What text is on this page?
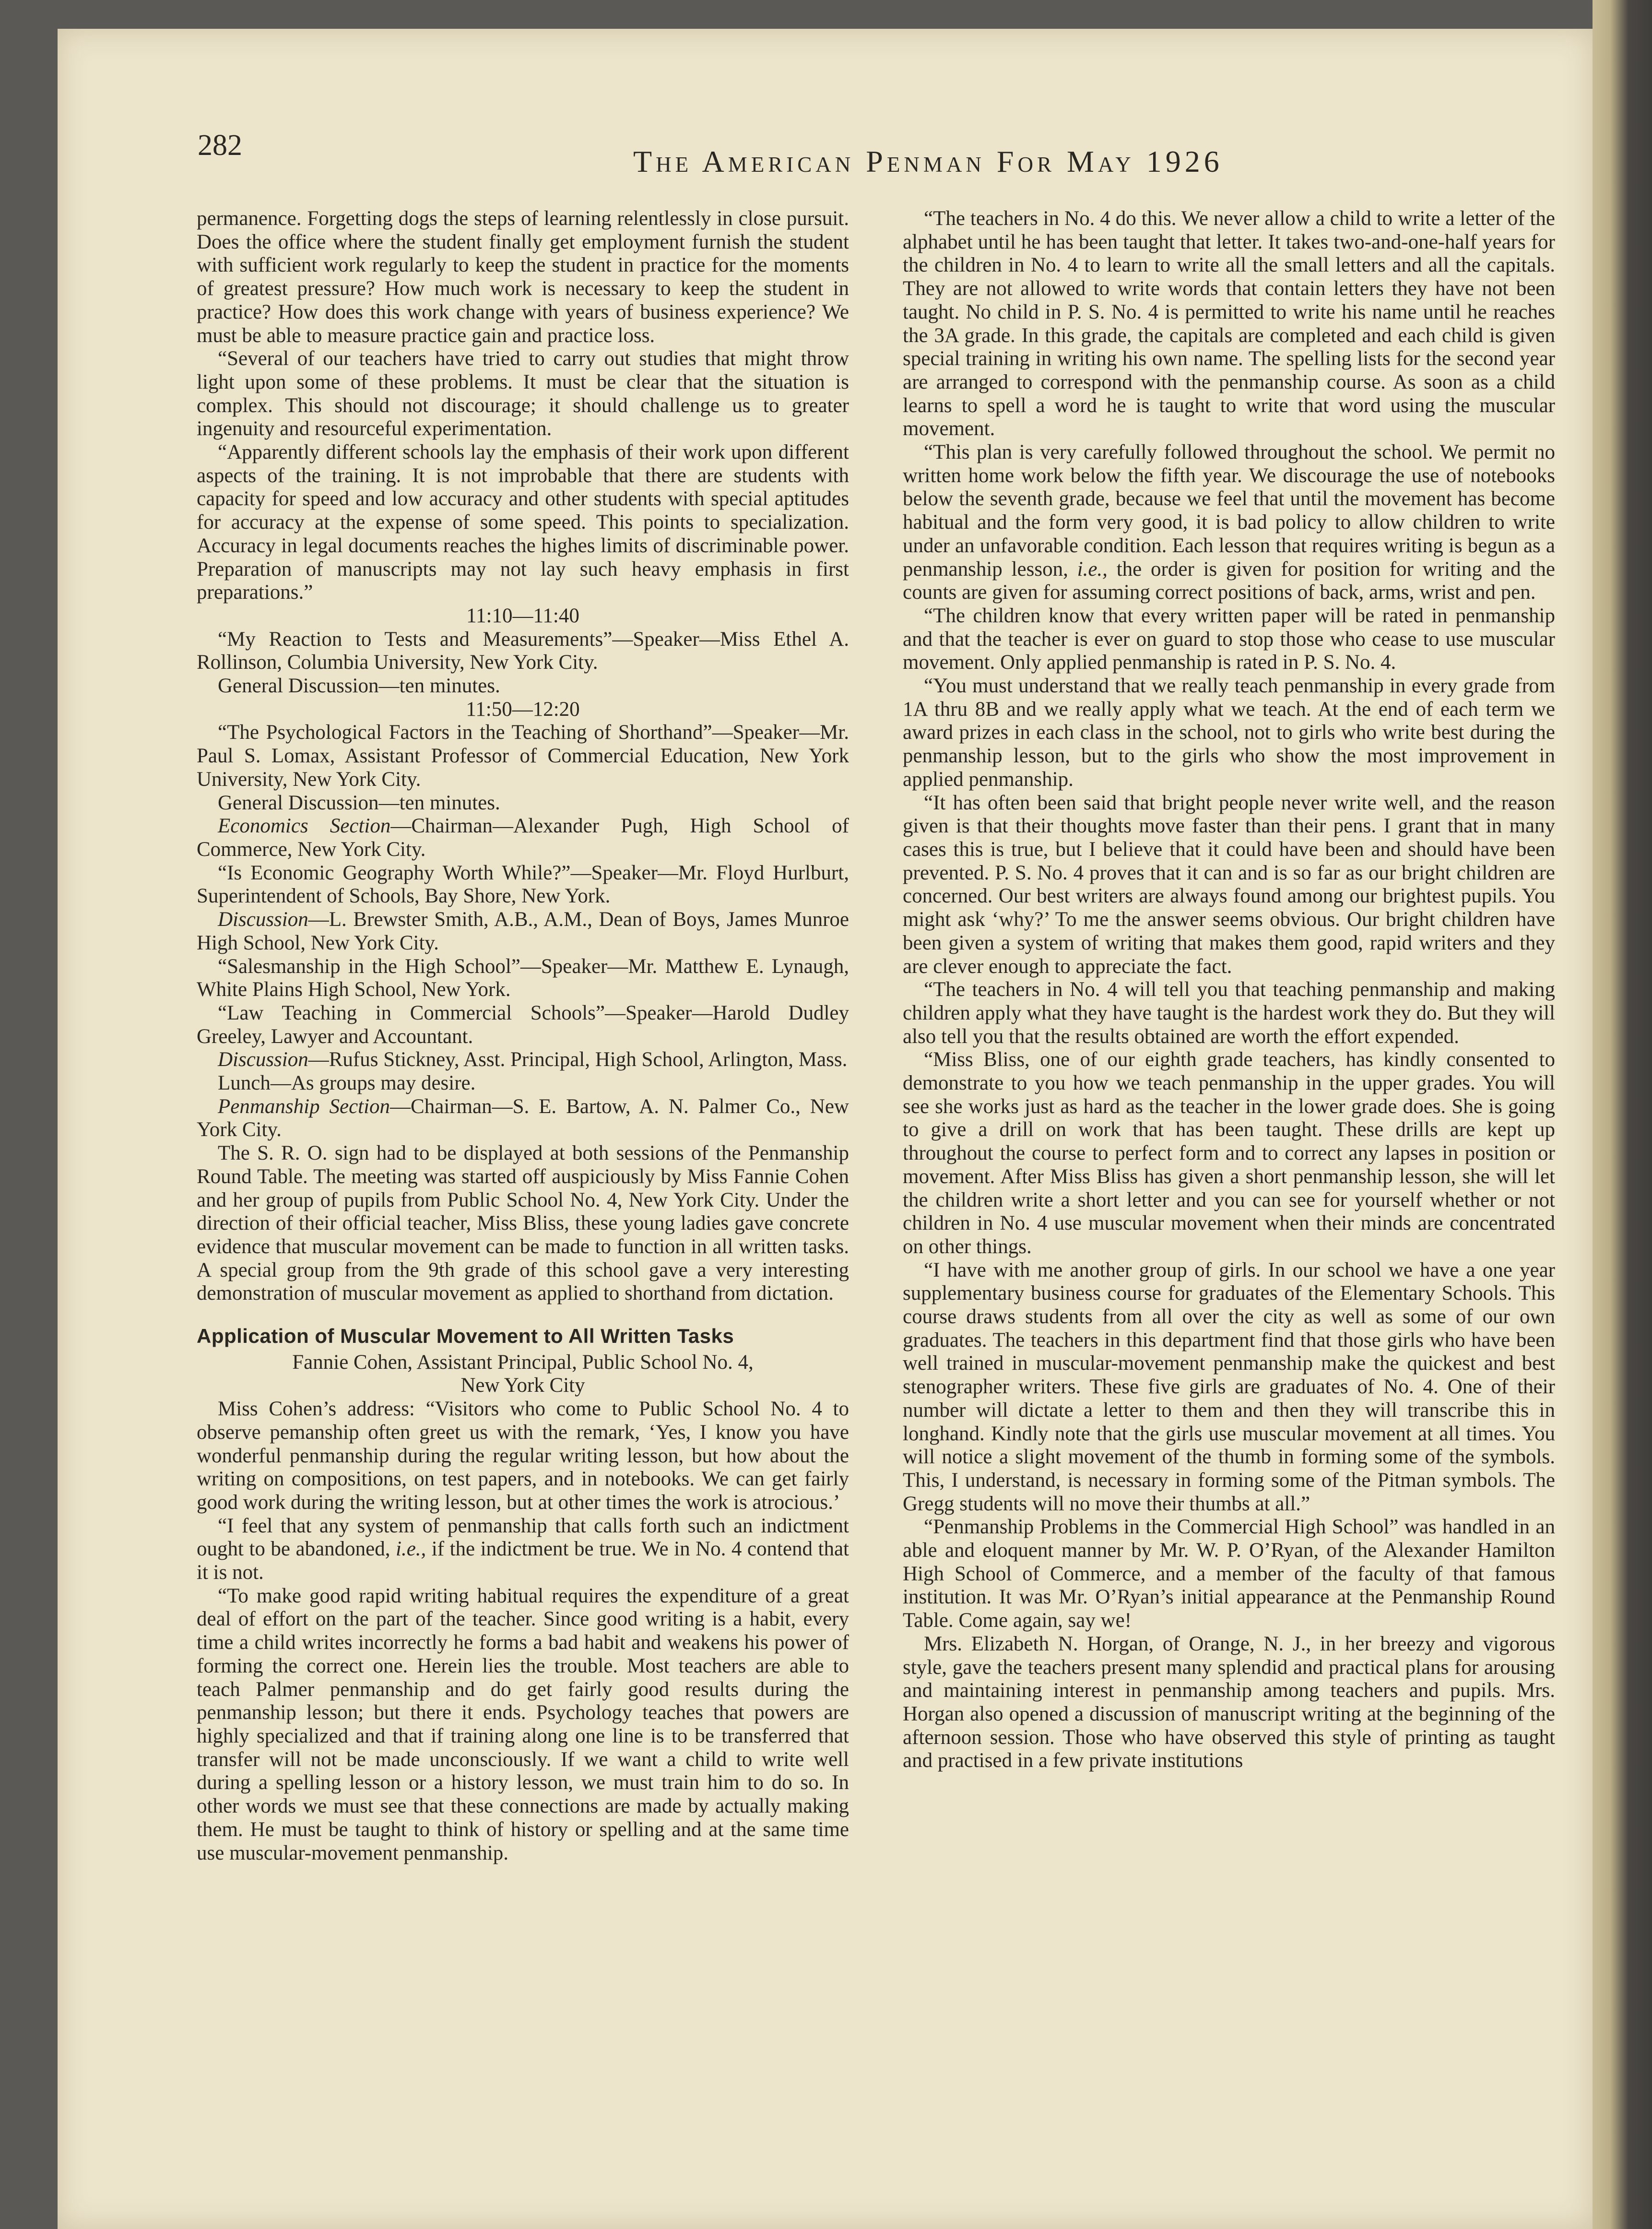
282	The American Penman For May 1926

permanence. Forgetting dogs the steps of learning relentlessly in close pursuit. Does the office where the student finally get employment furnish the student with sufficient work regularly to keep the student in practice for the moments of greatest pressure? How much work is necessary to keep the student in practice? How does this work change with years of business experience? We must be able to measure practice gain and practice loss.

“Several of our teachers have tried to carry out studies that might throw light upon some of these problems. It must be clear that the situation is complex. This should not discourage; it should challenge us to greater ingenuity and resourceful experimentation.

“Apparently different schools lay the emphasis of their work upon different aspects of the training. It is not improbable that there are students with capacity for speed and low accuracy and other students with special aptitudes for accuracy at the expense of some speed. This points to specialization. Accuracy in legal documents reaches the highes limits of discriminable power. Preparation of manuscripts may not lay such heavy emphasis in first preparations.”

11:10—11:40

“My Reaction to Tests and Measurements”—Speaker—Miss Ethel A. Rollinson, Columbia University, New York City.

General Discussion—ten minutes.

11:50—12:20

“The Psychological Factors in the Teaching of Shorthand”—Speaker—Mr. Paul S. Lomax, Assistant Professor of Commercial Education, New York University, New York City.

General Discussion—ten minutes.

Economics Section—Chairman—Alexander Pugh, High School of Commerce, New York City.

“Is Economic Geography Worth While?”—Speaker—Mr. Floyd Hurlburt, Superintendent of Schools, Bay Shore, New York.

Discussion—L. Brewster Smith, A.B., A.M., Dean of Boys, James Munroe High School, New York City.

“Salesmanship in the High School”—Speaker—Mr. Matthew E. Lynaugh, White Plains High School, New York.

“Law Teaching in Commercial Schools”—Speaker—Harold Dudley Greeley, Lawyer and Accountant.

Discussion—Rufus Stickney, Asst. Principal, High School, Arlington, Mass.

Lunch—As groups may desire.

Penmanship Section—Chairman—S. E. Bartow, A. N. Palmer Co., New York City.

The S. R. O. sign had to be displayed at both sessions of the Penmanship Round Table. The meeting was started off auspiciously by Miss Fannie Cohen and her group of pupils from Public School No. 4, New York City. Under the direction of their official teacher, Miss Bliss, these young ladies gave concrete evidence that muscular movement can be made to function in all written tasks. A special group from the 9th grade of this school gave a very interesting demonstration of muscular movement as applied to shorthand from dictation.

Application of Muscular Movement to All Written Tasks

Fannie Cohen, Assistant Principal, Public School No. 4,

New York City

Miss Cohen’s address: “Visitors who come to Public School No. 4 to observe pemanship often greet us with the remark, ‘Yes, I know you have wonderful penmanship during the regular writing lesson, but how about the writing on compositions, on test papers, and in notebooks. We can get fairly good work during the writing lesson, but at other times the work is atrocious.’

“I feel that any system of penmanship that calls forth such an indictment ought to be abandoned, i.e., if the indictment be true. We in No. 4 contend that it is not.

“To make good rapid writing habitual requires the expenditure of a great deal of effort on the part of the teacher. Since good writing is a habit, every time a child writes incorrectly he forms a bad habit and weakens his power of forming the correct one. Herein lies the trouble. Most teachers are able to teach Palmer penmanship and do get fairly good results during the penmanship lesson; but there it ends. Psychology teaches that powers are highly specialized and that if training along one line is to be transferred that transfer will not be made unconsciously. If we want a child to write well during a spelling lesson or a history lesson, we must train him to do so. In other words we must see that these connections are made by actually making them. He must be taught to think of history or spelling and at the same time use muscular-movement penmanship.

“The teachers in No. 4 do this. We never allow a child to write a letter of the alphabet until he has been taught that letter. It takes two-and-one-half years for the children in No. 4 to learn to write all the small letters and all the capitals. They are not allowed to write words that contain letters they have not been taught. No child in P. S. No. 4 is permitted to write his name until he reaches the 3A grade. In this grade, the capitals are completed and each child is given special training in writing his own name. The spelling lists for the second year are arranged to correspond with the penmanship course. As soon as a child learns to spell a word he is taught to write that word using the muscular movement.

“This plan is very carefully followed throughout the school. We permit no written home work below the fifth year. We discourage the use of notebooks below the seventh grade, because we feel that until the movement has become habitual and the form very good, it is bad policy to allow children to write under an unfavorable condition. Each lesson that requires writing is begun as a penmanship lesson, i.e., the order is given for position for writing and the counts are given for assuming correct positions of back, arms, wrist and pen.

“The children know that every written paper will be rated in penmanship and that the teacher is ever on guard to stop those who cease to use muscular movement. Only applied penmanship is rated in P. S. No. 4.

“You must understand that we really teach penmanship in every grade from 1A thru 8B and we really apply what we teach. At the end of each term we award prizes in each class in the school, not to girls who write best during the penmanship lesson, but to the girls who show the most improvement in applied penmanship.

“It has often been said that bright people never write well, and the reason given is that their thoughts move faster than their pens. I grant that in many cases this is true, but I believe that it could have been and should have been prevented. P. S. No. 4 proves that it can and is so far as our bright children are concerned. Our best writers are always found among our brightest pupils. You might ask ‘why?’ To me the answer seems obvious. Our bright children have been given a system of writing that makes them good, rapid writers and they are clever enough to appreciate the fact.

“The teachers in No. 4 will tell you that teaching penmanship and making children apply what they have taught is the hardest work they do. But they will also tell you that the results obtained are worth the effort expended.

“Miss Bliss, one of our eighth grade teachers, has kindly consented to demonstrate to you how we teach penmanship in the upper grades. You will see she works just as hard as the teacher in the lower grade does. She is going to give a drill on work that has been taught. These drills are kept up throughout the course to perfect form and to correct any lapses in position or movement. After Miss Bliss has given a short penmanship lesson, she will let the children write a short letter and you can see for yourself whether or not children in No. 4 use muscular movement when their minds are concentrated on other things.

“I have with me another group of girls. In our school we have a one year supplementary business course for graduates of the Elementary Schools. This course draws students from all over the city as well as some of our own graduates. The teachers in this department find that those girls who have been well trained in muscular-movement penmanship make the quickest and best stenographer writers. These five girls are graduates of No. 4. One of their number will dictate a letter to them and then they will transcribe this in longhand. Kindly note that the girls use muscular movement at all times. You will notice a slight movement of the thumb in forming some of the symbols. This, I understand, is necessary in forming some of the Pitman symbols. The Gregg students will no move their thumbs at all.”

“Penmanship Problems in the Commercial High School” was handled in an able and eloquent manner by Mr. W. P. O’Ryan, of the Alexander Hamilton High School of Commerce, and a member of the faculty of that famous institution. It was Mr. O’Ryan’s initial appearance at the Penmanship Round Table. Come again, say we!

Mrs. Elizabeth N. Horgan, of Orange, N. J., in her breezy and vigorous style, gave the teachers present many splendid and practical plans for arousing and maintaining interest in penmanship among teachers and pupils. Mrs. Horgan also opened a discussion of manuscript writing at the beginning of the afternoon session. Those who have observed this style of printing as taught and practised in a few private institutions
